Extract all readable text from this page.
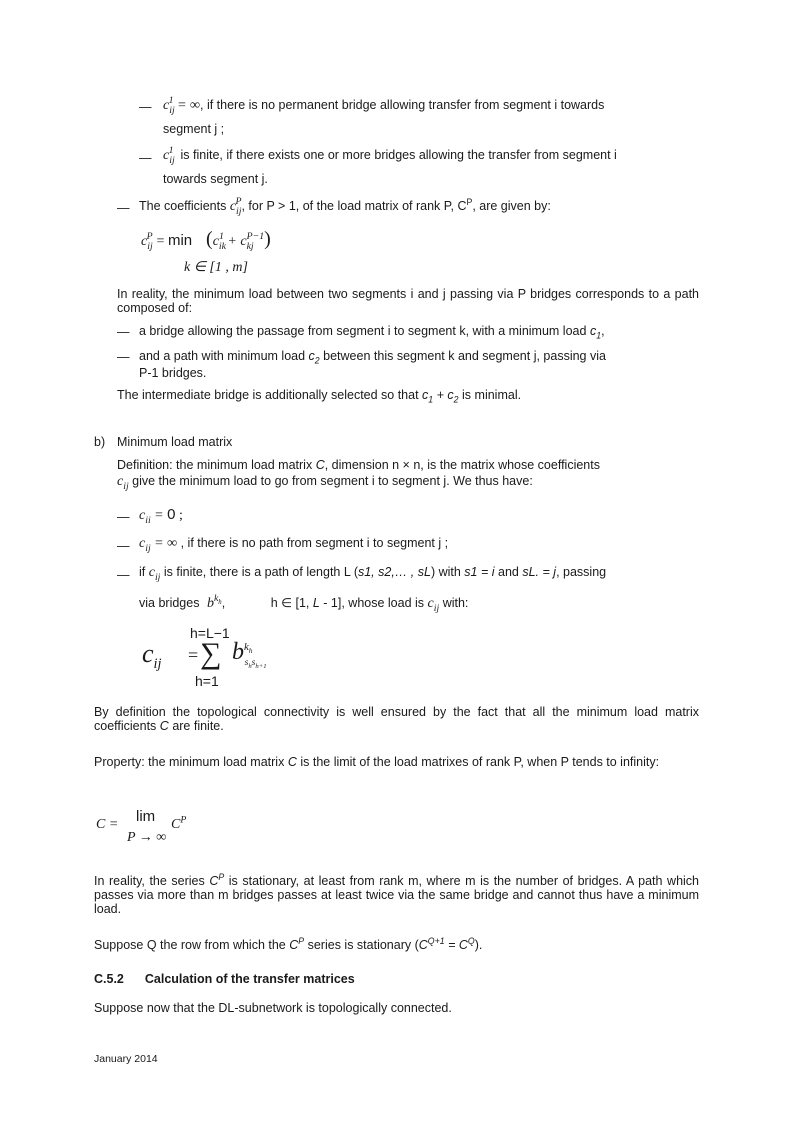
— $c_{ij}^1$ = ∞, if there is no permanent bridge allowing transfer from segment i towards
segment j ;
— $c_{ij}^1$ is finite, if there exists one or more bridges allowing the transfer from segment i
towards segment j.
— The coefficients $c_{ij}^P$, for P > 1, of the load matrix of rank P, $C^P$, are given by:
$c_{ij}^P = \min (c_{ik}^1 + c_{kj}^{P-1})$
k ∈ [1 , m]
In reality, the minimum load between two segments i and j passing via P bridges corresponds to a path composed of:
— a bridge allowing the passage from segment i to segment k, with a minimum load $c_1$,
— and a path with minimum load $c_2$ between this segment k and segment j, passing via
P-1 bridges.
The intermediate bridge is additionally selected so that $c_1 + c_2$ is minimal.
b) Minimum load matrix
Definition: the minimum load matrix C, dimension n × n, is the matrix whose coefficients
$c_{ij}$ give the minimum load to go from segment i to segment j. We thus have:
— $c_{ii} = 0$ ;
— $c_{ij}$ = ∞ , if there is no path from segment i to segment j ;
— if $c_{ij}$ is finite, there is a path of length L (s1, s2,… , sL) with s1 = i and sL. = j, passing
via bridges $b^{k_h}$,	h ∈ [1, L - 1], whose load is $c_{ij}$ with:
h=L−1
$c_{ij}$ = ∑ $b^{k_h}_{s_hs_{h+1}}$
h=1
By definition the topological connectivity is well ensured by the fact that all the minimum load matrix coefficients C are finite.
Property: the minimum load matrix C is the limit of the load matrixes of rank P, when P tends to infinity:
C = lim
P → ∞
$C^P$
In reality, the series $C^P$ is stationary, at least from rank m, where m is the number of bridges. A path which passes via more than m bridges passes at least twice via the same bridge and cannot thus have a minimum load.
Suppose Q the row from which the $C^P$ series is stationary $(C^{Q+1} = C^Q)$.
C.5.2 Calculation of the transfer matrices
Suppose now that the DL-subnetwork is topologically connected.
January 2014
